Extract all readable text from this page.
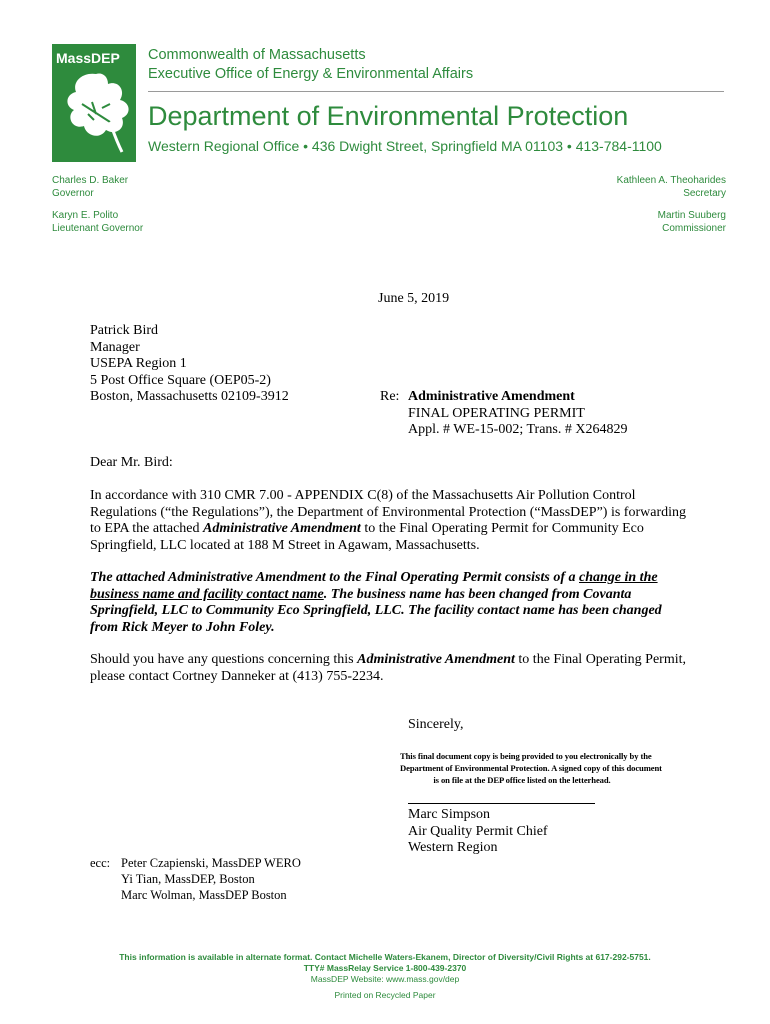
MassDEP Commonwealth of Massachusetts
Executive Office of Energy & Environmental Affairs
Department of Environmental Protection
Western Regional Office • 436 Dwight Street, Springfield MA 01103 • 413-784-1100
Charles D. Baker
Governor
Karyn E. Polito
Lieutenant Governor
Kathleen A. Theoharides
Secretary
Martin Suuberg
Commissioner
June 5, 2019
Patrick Bird
Manager
USEPA Region 1
5 Post Office Square (OEP05-2)
Boston, Massachusetts 02109-3912	Re: Administrative Amendment
FINAL OPERATING PERMIT
Appl. # WE-15-002; Trans. # X264829
Dear Mr. Bird:
In accordance with 310 CMR 7.00 - APPENDIX C(8) of the Massachusetts Air Pollution Control Regulations (“the Regulations”), the Department of Environmental Protection (“MassDEP”) is forwarding to EPA the attached Administrative Amendment to the Final Operating Permit for Community Eco Springfield, LLC located at 188 M Street in Agawam, Massachusetts.
The attached Administrative Amendment to the Final Operating Permit consists of a change in the business name and facility contact name. The business name has been changed from Covanta Springfield, LLC to Community Eco Springfield, LLC. The facility contact name has been changed from Rick Meyer to John Foley.
Should you have any questions concerning this Administrative Amendment to the Final Operating Permit, please contact Cortney Danneker at (413) 755-2234.
Sincerely,
This final document copy is being provided to you electronically by the
Department of Environmental Protection. A signed copy of this document
is on file at the DEP office listed on the letterhead.
Marc Simpson
Air Quality Permit Chief
Western Region
ecc: Peter Czapienski, MassDEP WERO
Yi Tian, MassDEP, Boston
Marc Wolman, MassDEP Boston
This information is available in alternate format. Contact Michelle Waters-Ekanem, Director of Diversity/Civil Rights at 617-292-5751.
TTY# MassRelay Service 1-800-439-2370
MassDEP Website: www.mass.gov/dep
Printed on Recycled Paper
